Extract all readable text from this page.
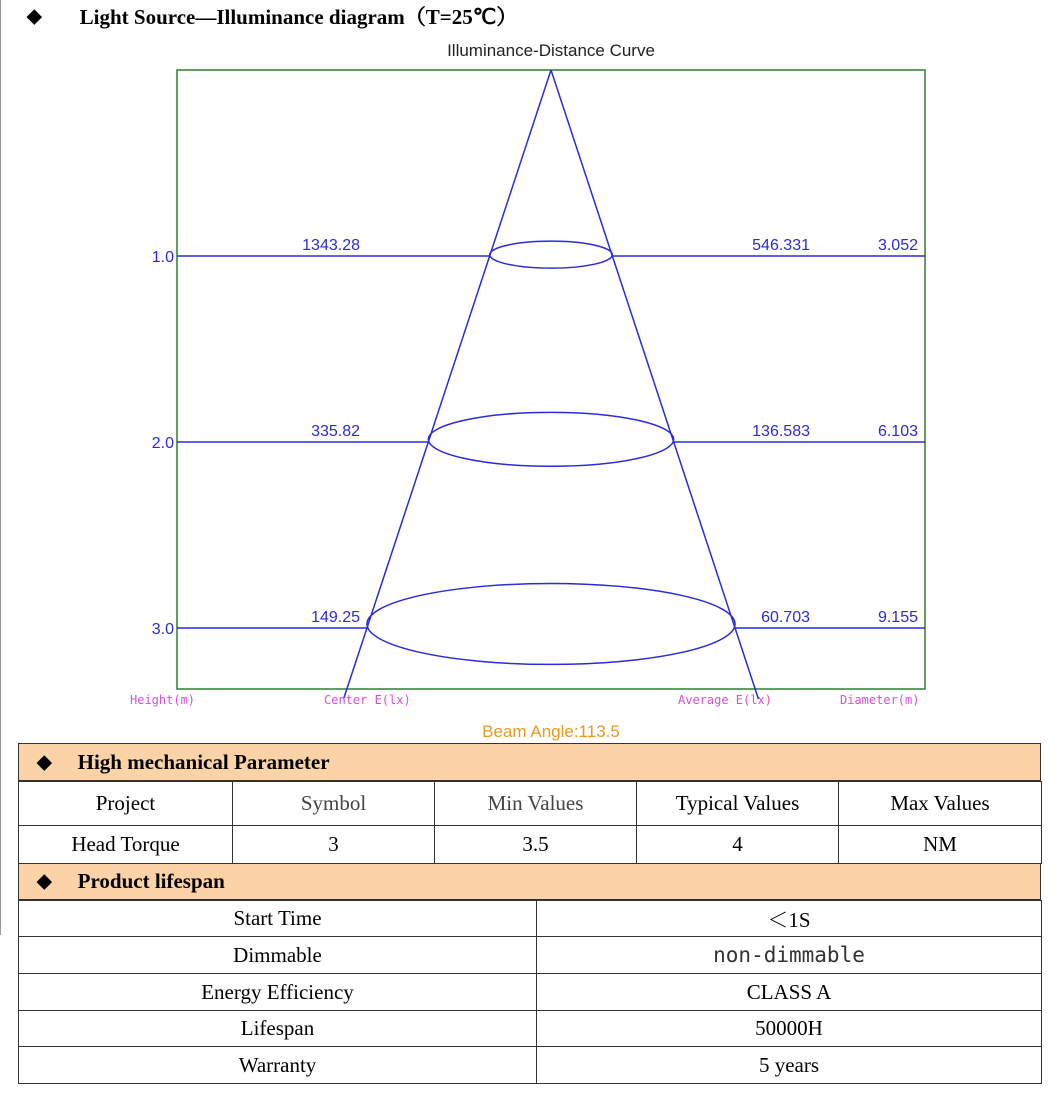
◆ Light Source—Illuminance diagram（T=25℃）
Illuminance-Distance Curve
1.0
1343.28	546.331	3.052
2.0
335.82	136.583	6.103
3.0
149.25	60.703	9.155
Height(m)	Center E(lx)	Average E(lx)	Diameter(m)
Beam Angle:113.5
◆ High mechanical Parameter
Project	Symbol	Min Values	Typical Values	Max Values
Head Torque	3	3.5	4	NM
◆ Product lifespan
Start Time	＜1S
Dimmable	non-dimmable
Energy Efficiency	CLASS A
Lifespan	50000H
Warranty	5 years
